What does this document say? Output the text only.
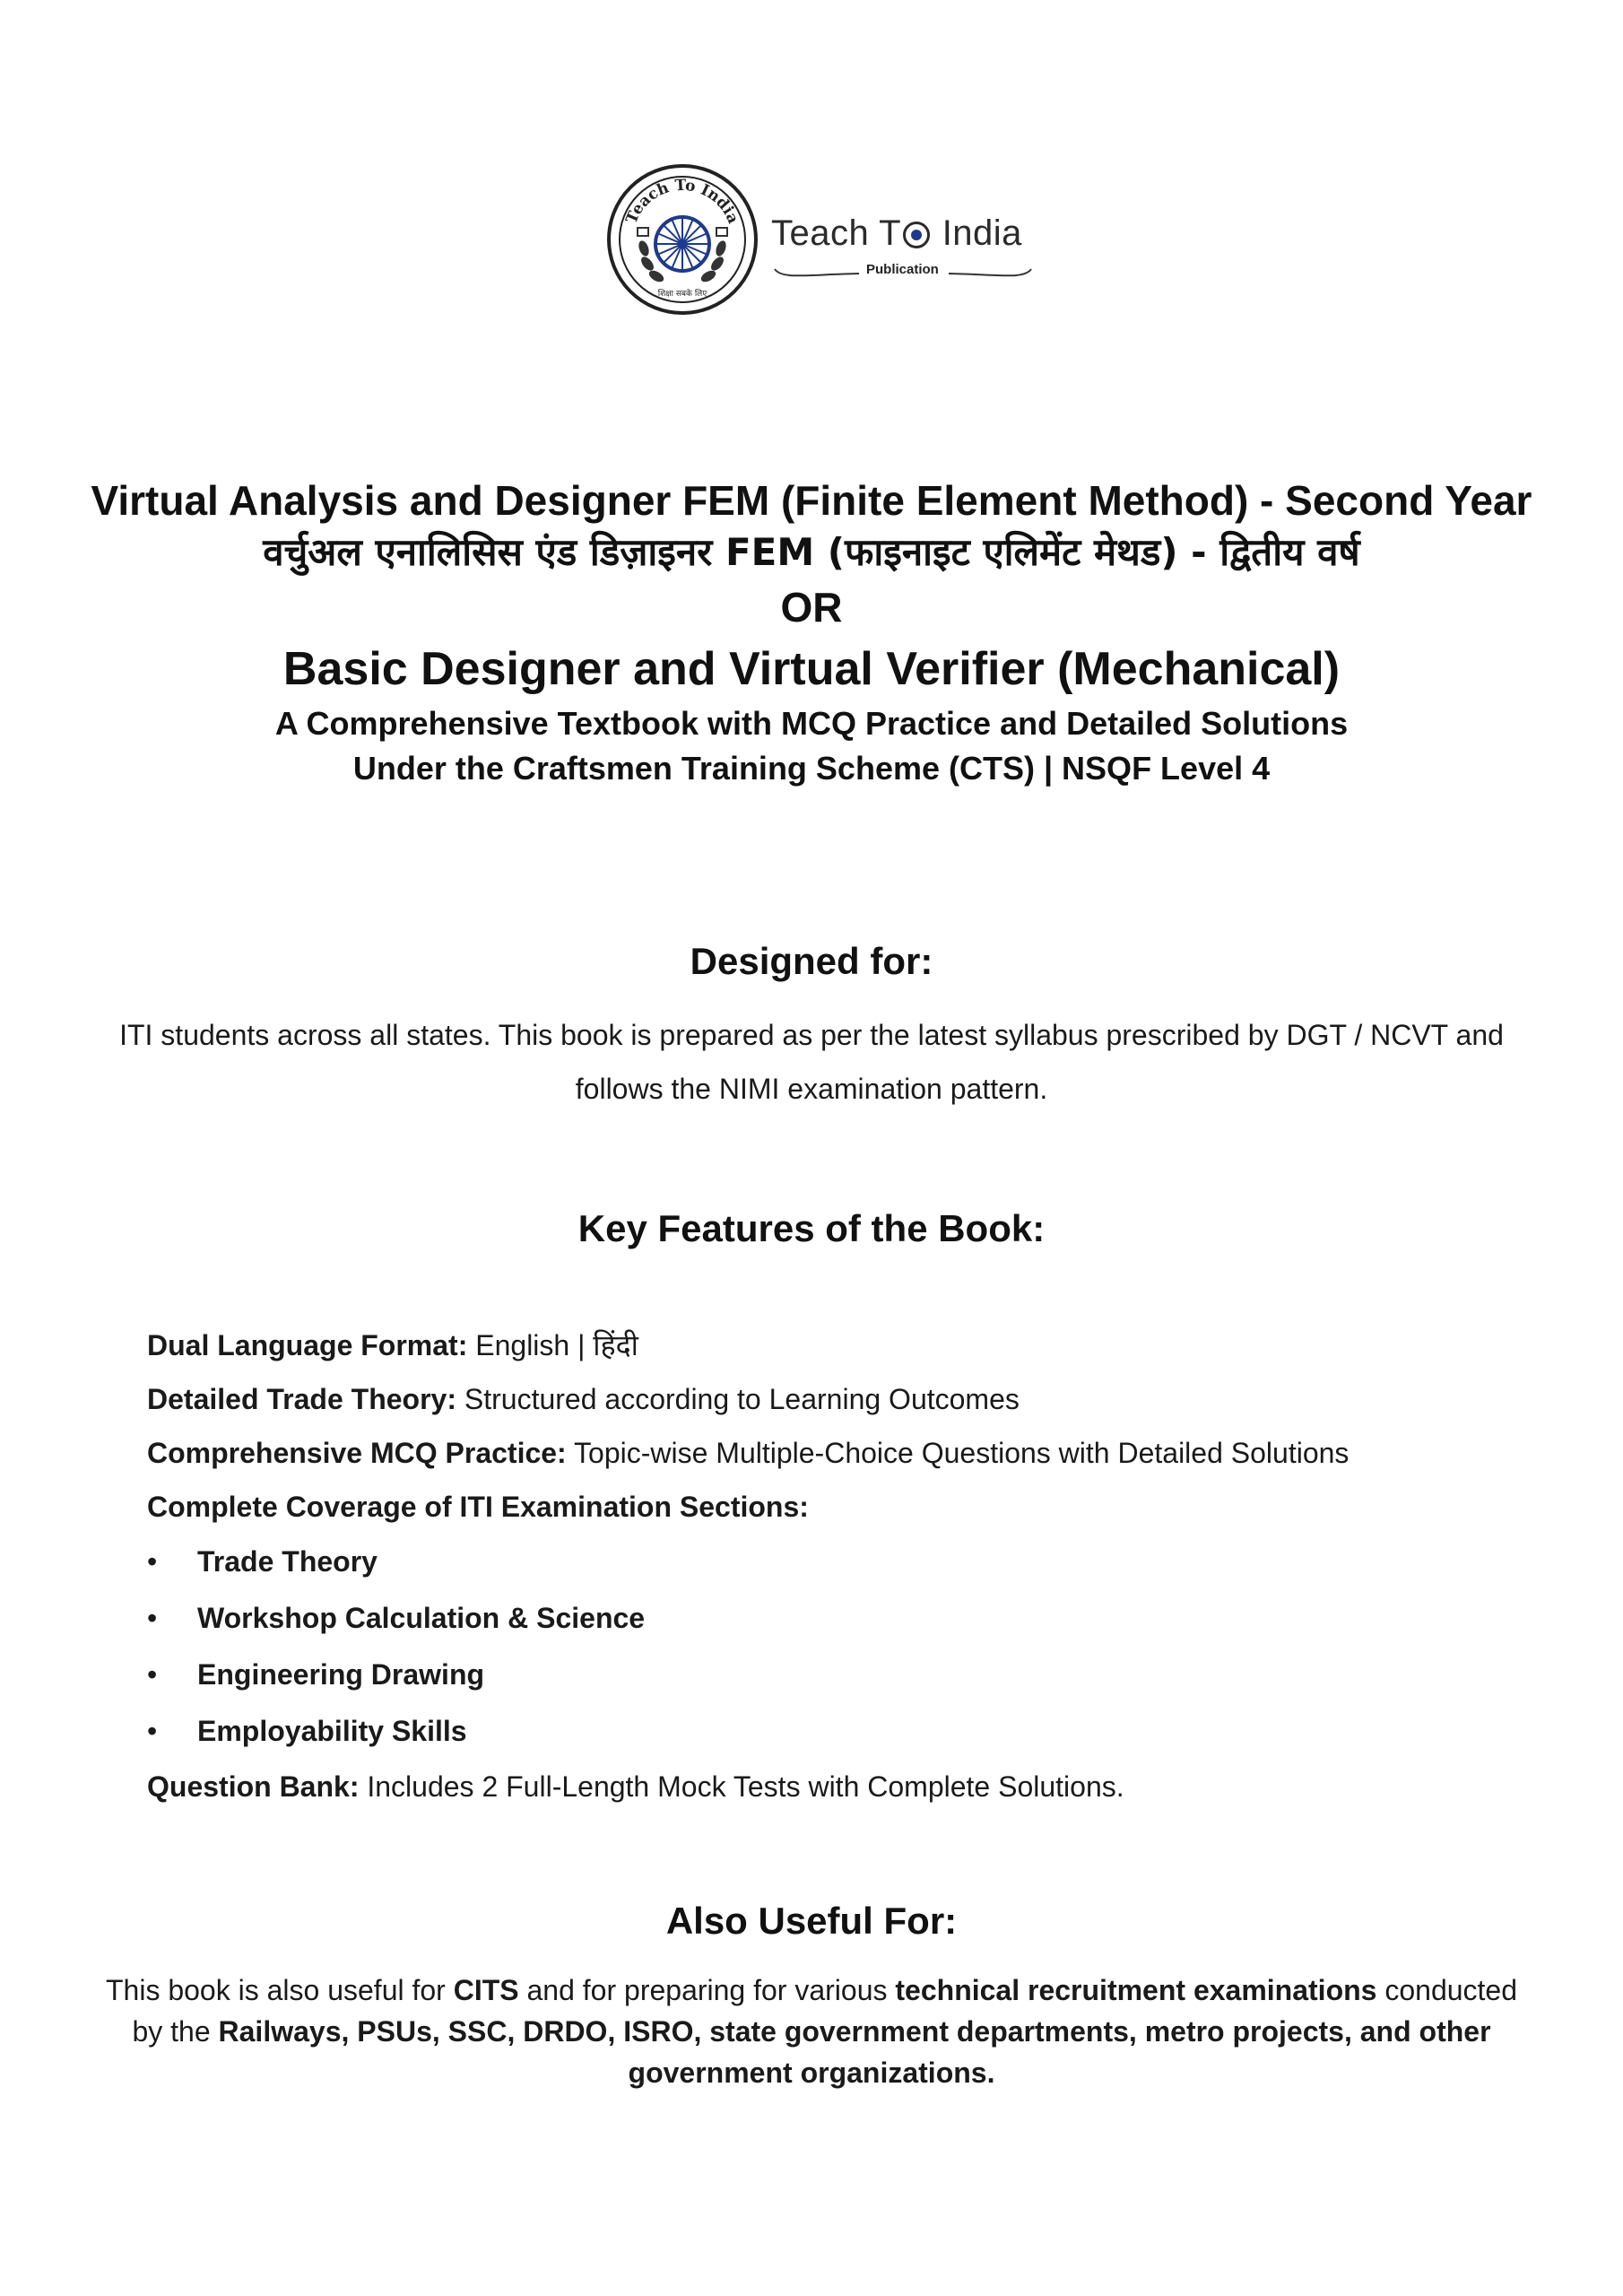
Teach To India
शिक्षा सबके लिए
Teach T India
Publication
Virtual Analysis and Designer FEM (Finite Element Method) - Second Year
वर्चुअल एनालिसिस एंड डिज़ाइनर FEM (फाइनाइट एलिमेंट मेथड) - द्वितीय वर्ष
OR
Basic Designer and Virtual Verifier (Mechanical)
A Comprehensive Textbook with MCQ Practice and Detailed Solutions
Under the Craftsmen Training Scheme (CTS) | NSQF Level 4
Designed for:
ITI students across all states. This book is prepared as per the latest syllabus prescribed by DGT / NCVT and
follows the NIMI examination pattern.
Key Features of the Book:
Dual Language Format: English | हिंदी
Detailed Trade Theory: Structured according to Learning Outcomes
Comprehensive MCQ Practice: Topic-wise Multiple-Choice Questions with Detailed Solutions
Complete Coverage of ITI Examination Sections:
• Trade Theory
• Workshop Calculation & Science
• Engineering Drawing
• Employability Skills
Question Bank: Includes 2 Full-Length Mock Tests with Complete Solutions.
Also Useful For:
This book is also useful for CITS and for preparing for various technical recruitment examinations conducted
by the Railways, PSUs, SSC, DRDO, ISRO, state government departments, metro projects, and other
government organizations.
